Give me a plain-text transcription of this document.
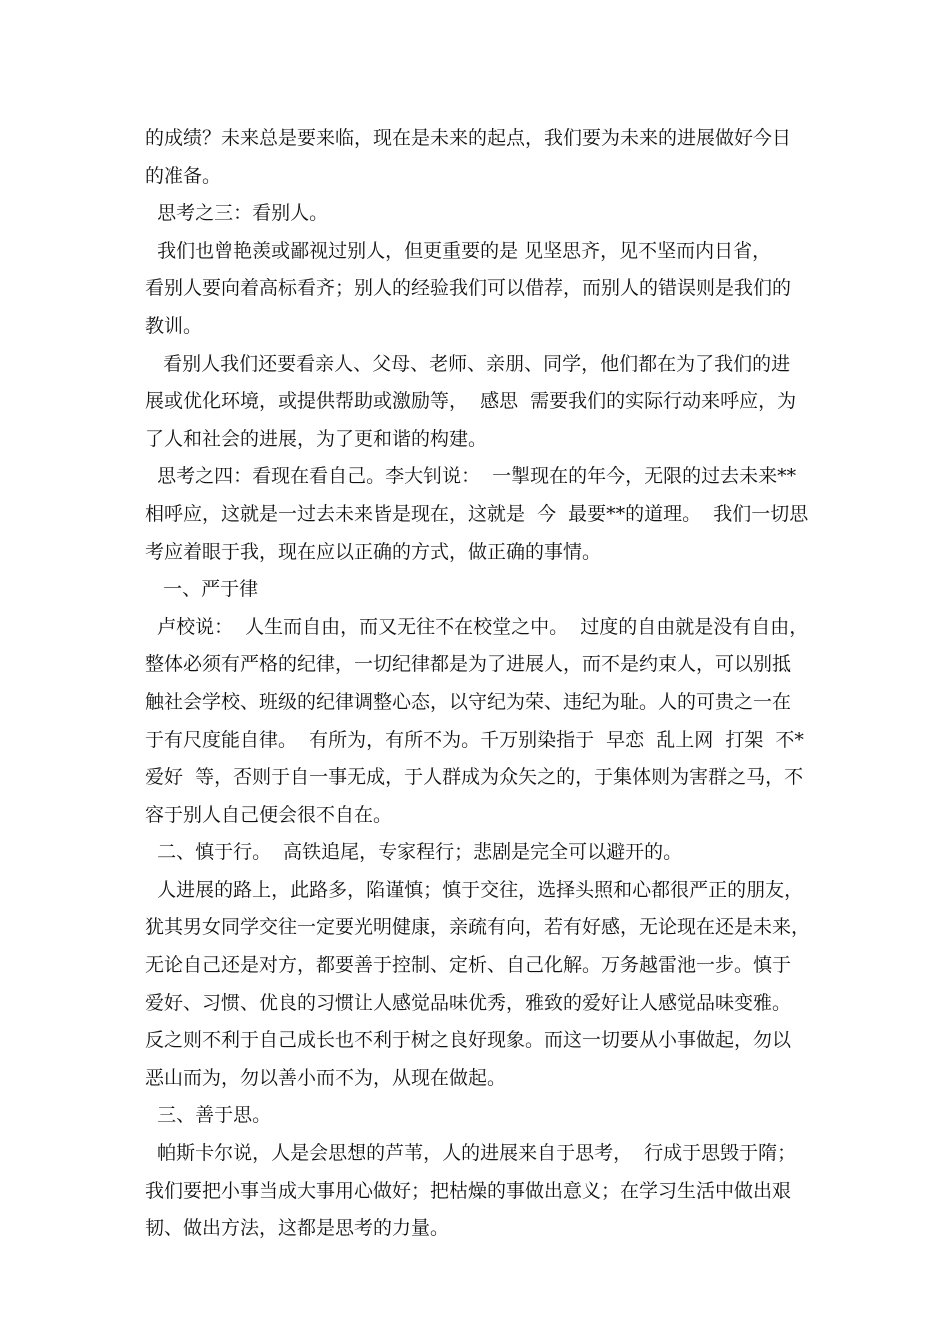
的成绩？未来总是要来临，现在是未来的起点，我们要为未来的进展做好今日
的准备。
思考之三：看别人。
我们也曾艳羡或鄙视过别人，但更重要的是 见坚思齐，见不坚而内日省，
看别人要向着高标看齐；别人的经验我们可以借荐，而别人的错误则是我们的
教训。
看别人我们还要看亲人、父母、老师、亲朋、同学，他们都在为了我们的进
展或优化环境，或提供帮助或激励等，  感思  需要我们的实际行动来呼应，为
了人和社会的进展，为了更和谐的构建。
思考之四：看现在看自己。李大钊说：  一掣现在的年今，无限的过去未来**
相呼应，这就是一过去未来皆是现在，这就是  今  最要**的道理。  我们一切思
考应着眼于我，现在应以正确的方式，做正确的事情。
一、严于律
卢校说：  人生而自由，而又无往不在校堂之中。  过度的自由就是没有自由，
整体必须有严格的纪律，一切纪律都是为了进展人，而不是约束人，可以别抵
触社会学校、班级的纪律调整心态，以守纪为荣、违纪为耻。人的可贵之一在
于有尺度能自律。  有所为，有所不为。千万别染指于  早恋  乱上网  打架  不*
爱好  等，否则于自一事无成，于人群成为众矢之的，于集体则为害群之马，不
容于别人自己便会很不自在。
二、慎于行。  高铁追尾，专家程行；悲剧是完全可以避开的。
人进展的路上，此路多，陷谨慎；慎于交往，选择头照和心都很严正的朋友，
犹其男女同学交往一定要光明健康，亲疏有向，若有好感，无论现在还是未来，
无论自己还是对方，都要善于控制、定析、自己化解。万务越雷池一步。慎于
爱好、习惯、优良的习惯让人感觉品味优秀，雅致的爱好让人感觉品味变雅。
反之则不利于自己成长也不利于树之良好现象。而这一切要从小事做起，勿以
恶山而为，勿以善小而不为，从现在做起。
三、善于思。
帕斯卡尔说，人是会思想的芦苇，人的进展来自于思考，  行成于思毁于隋；
我们要把小事当成大事用心做好；把枯燥的事做出意义；在学习生活中做出艰
韧、做出方法，这都是思考的力量。
